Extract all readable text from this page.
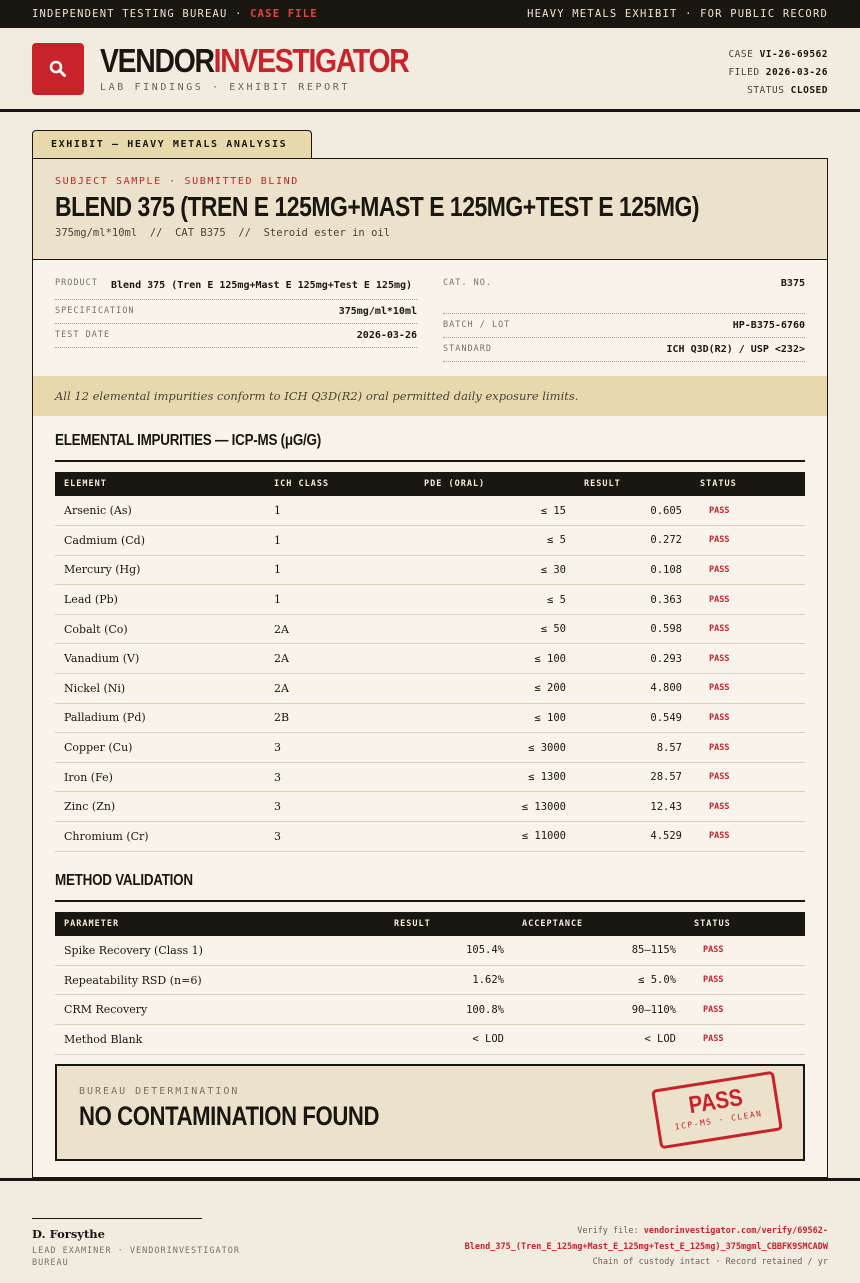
INDEPENDENT TESTING BUREAU · CASE FILE	HEAVY METALS EXHIBIT · FOR PUBLIC RECORD
VENDORINVESTIGATOR
LAB FINDINGS · EXHIBIT REPORT
CASE VI-26-69562
FILED 2026-03-26
STATUS CLOSED
EXHIBIT — HEAVY METALS ANALYSIS
SUBJECT SAMPLE · SUBMITTED BLIND
BLEND 375 (TREN E 125MG+MAST E 125MG+TEST E 125MG)
375mg/ml*10ml  //  CAT B375  //  Steroid ester in oil
PRODUCT	Blend 375 (Tren E 125mg+Mast E 125mg+Test E 125mg)
SPECIFICATION	375mg/ml*10ml
TEST DATE	2026-03-26
CAT. NO.	B375
BATCH / LOT	HP-B375-6760
STANDARD	ICH Q3D(R2) / USP <232>
All 12 elemental impurities conform to ICH Q3D(R2) oral permitted daily exposure limits.
ELEMENTAL IMPURITIES — ICP-MS (μG/G)
ELEMENT	ICH CLASS	PDE (ORAL)	RESULT	STATUS
Arsenic (As)	1	≤ 15	0.605	PASS
Cadmium (Cd)	1	≤ 5	0.272	PASS
Mercury (Hg)	1	≤ 30	0.108	PASS
Lead (Pb)	1	≤ 5	0.363	PASS
Cobalt (Co)	2A	≤ 50	0.598	PASS
Vanadium (V)	2A	≤ 100	0.293	PASS
Nickel (Ni)	2A	≤ 200	4.800	PASS
Palladium (Pd)	2B	≤ 100	0.549	PASS
Copper (Cu)	3	≤ 3000	8.57	PASS
Iron (Fe)	3	≤ 1300	28.57	PASS
Zinc (Zn)	3	≤ 13000	12.43	PASS
Chromium (Cr)	3	≤ 11000	4.529	PASS
METHOD VALIDATION
PARAMETER	RESULT	ACCEPTANCE	STATUS
Spike Recovery (Class 1)	105.4%	85–115%	PASS
Repeatability RSD (n=6)	1.62%	≤ 5.0%	PASS
CRM Recovery	100.8%	90–110%	PASS
Method Blank	< LOD	< LOD	PASS
BUREAU DETERMINATION
NO CONTAMINATION FOUND	PASS
ICP-MS · CLEAN
D. Forsythe
LEAD EXAMINER · VENDORINVESTIGATOR BUREAU
Verify file: vendorinvestigator.com/verify/69562-
Blend_375_(Tren_E_125mg+Mast_E_125mg+Test_E_125mg)_375mgml_CBBFK9SMCADW
Chain of custody intact · Record retained / yr
